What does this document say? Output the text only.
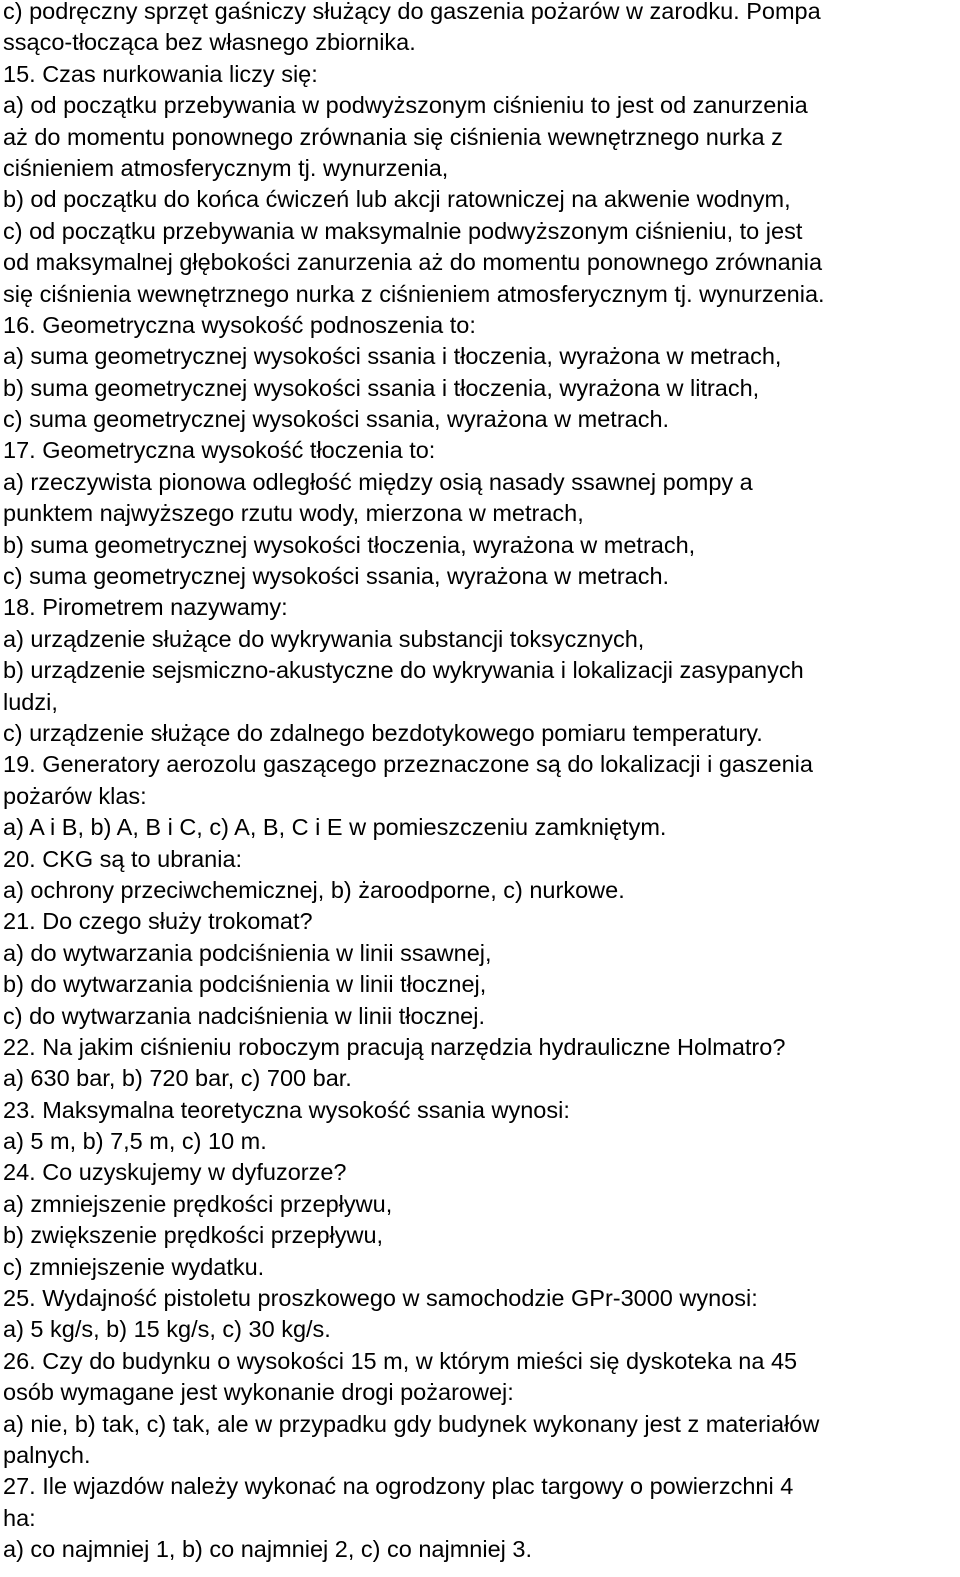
c) podręczny sprzęt gaśniczy służący do gaszenia pożarów w zarodku. Pompa
ssąco-tłocząca bez własnego zbiornika.
15. Czas nurkowania liczy się:
a) od początku przebywania w podwyższonym ciśnieniu to jest od zanurzenia
aż do momentu ponownego zrównania się ciśnienia wewnętrznego nurka z
ciśnieniem atmosferycznym tj. wynurzenia,
b) od początku do końca ćwiczeń lub akcji ratowniczej na akwenie wodnym,
c) od początku przebywania w maksymalnie podwyższonym ciśnieniu, to jest
od maksymalnej głębokości zanurzenia aż do momentu ponownego zrównania
się ciśnienia wewnętrznego nurka z ciśnieniem atmosferycznym tj. wynurzenia.
16. Geometryczna wysokość podnoszenia to:
a) suma geometrycznej wysokości ssania i tłoczenia, wyrażona w metrach,
b) suma geometrycznej wysokości ssania i tłoczenia, wyrażona w litrach,
c) suma geometrycznej wysokości ssania, wyrażona w metrach.
17. Geometryczna wysokość tłoczenia to:
a) rzeczywista pionowa odległość między osią nasady ssawnej pompy a
punktem najwyższego rzutu wody, mierzona w metrach,
b) suma geometrycznej wysokości tłoczenia, wyrażona w metrach,
c) suma geometrycznej wysokości ssania, wyrażona w metrach.
18. Pirometrem nazywamy:
a) urządzenie służące do wykrywania substancji toksycznych,
b) urządzenie sejsmiczno-akustyczne do wykrywania i lokalizacji zasypanych
ludzi,
c) urządzenie służące do zdalnego bezdotykowego pomiaru temperatury.
19. Generatory aerozolu gaszącego przeznaczone są do lokalizacji i gaszenia
pożarów klas:
a) A i B, b) A, B i C, c) A, B, C i E w pomieszczeniu zamkniętym.
20. CKG są to ubrania:
a) ochrony przeciwchemicznej, b) żaroodporne, c) nurkowe.
21. Do czego służy trokomat?
a) do wytwarzania podciśnienia w linii ssawnej,
b) do wytwarzania podciśnienia w linii tłocznej,
c) do wytwarzania nadciśnienia w linii tłocznej.
22. Na jakim ciśnieniu roboczym pracują narzędzia hydrauliczne Holmatro?
a) 630 bar, b) 720 bar, c) 700 bar.
23. Maksymalna teoretyczna wysokość ssania wynosi:
a) 5 m, b) 7,5 m, c) 10 m.
24. Co uzyskujemy w dyfuzorze?
a) zmniejszenie prędkości przepływu,
b) zwiększenie prędkości przepływu,
c) zmniejszenie wydatku.
25. Wydajność pistoletu proszkowego w samochodzie GPr-3000 wynosi:
a) 5 kg/s, b) 15 kg/s, c) 30 kg/s.
26. Czy do budynku o wysokości 15 m, w którym mieści się dyskoteka na 45
osób wymagane jest wykonanie drogi pożarowej:
a) nie, b) tak, c) tak, ale w przypadku gdy budynek wykonany jest z materiałów
palnych.
27. Ile wjazdów należy wykonać na ogrodzony plac targowy o powierzchni 4
ha:
a) co najmniej 1, b) co najmniej 2, c) co najmniej 3.
